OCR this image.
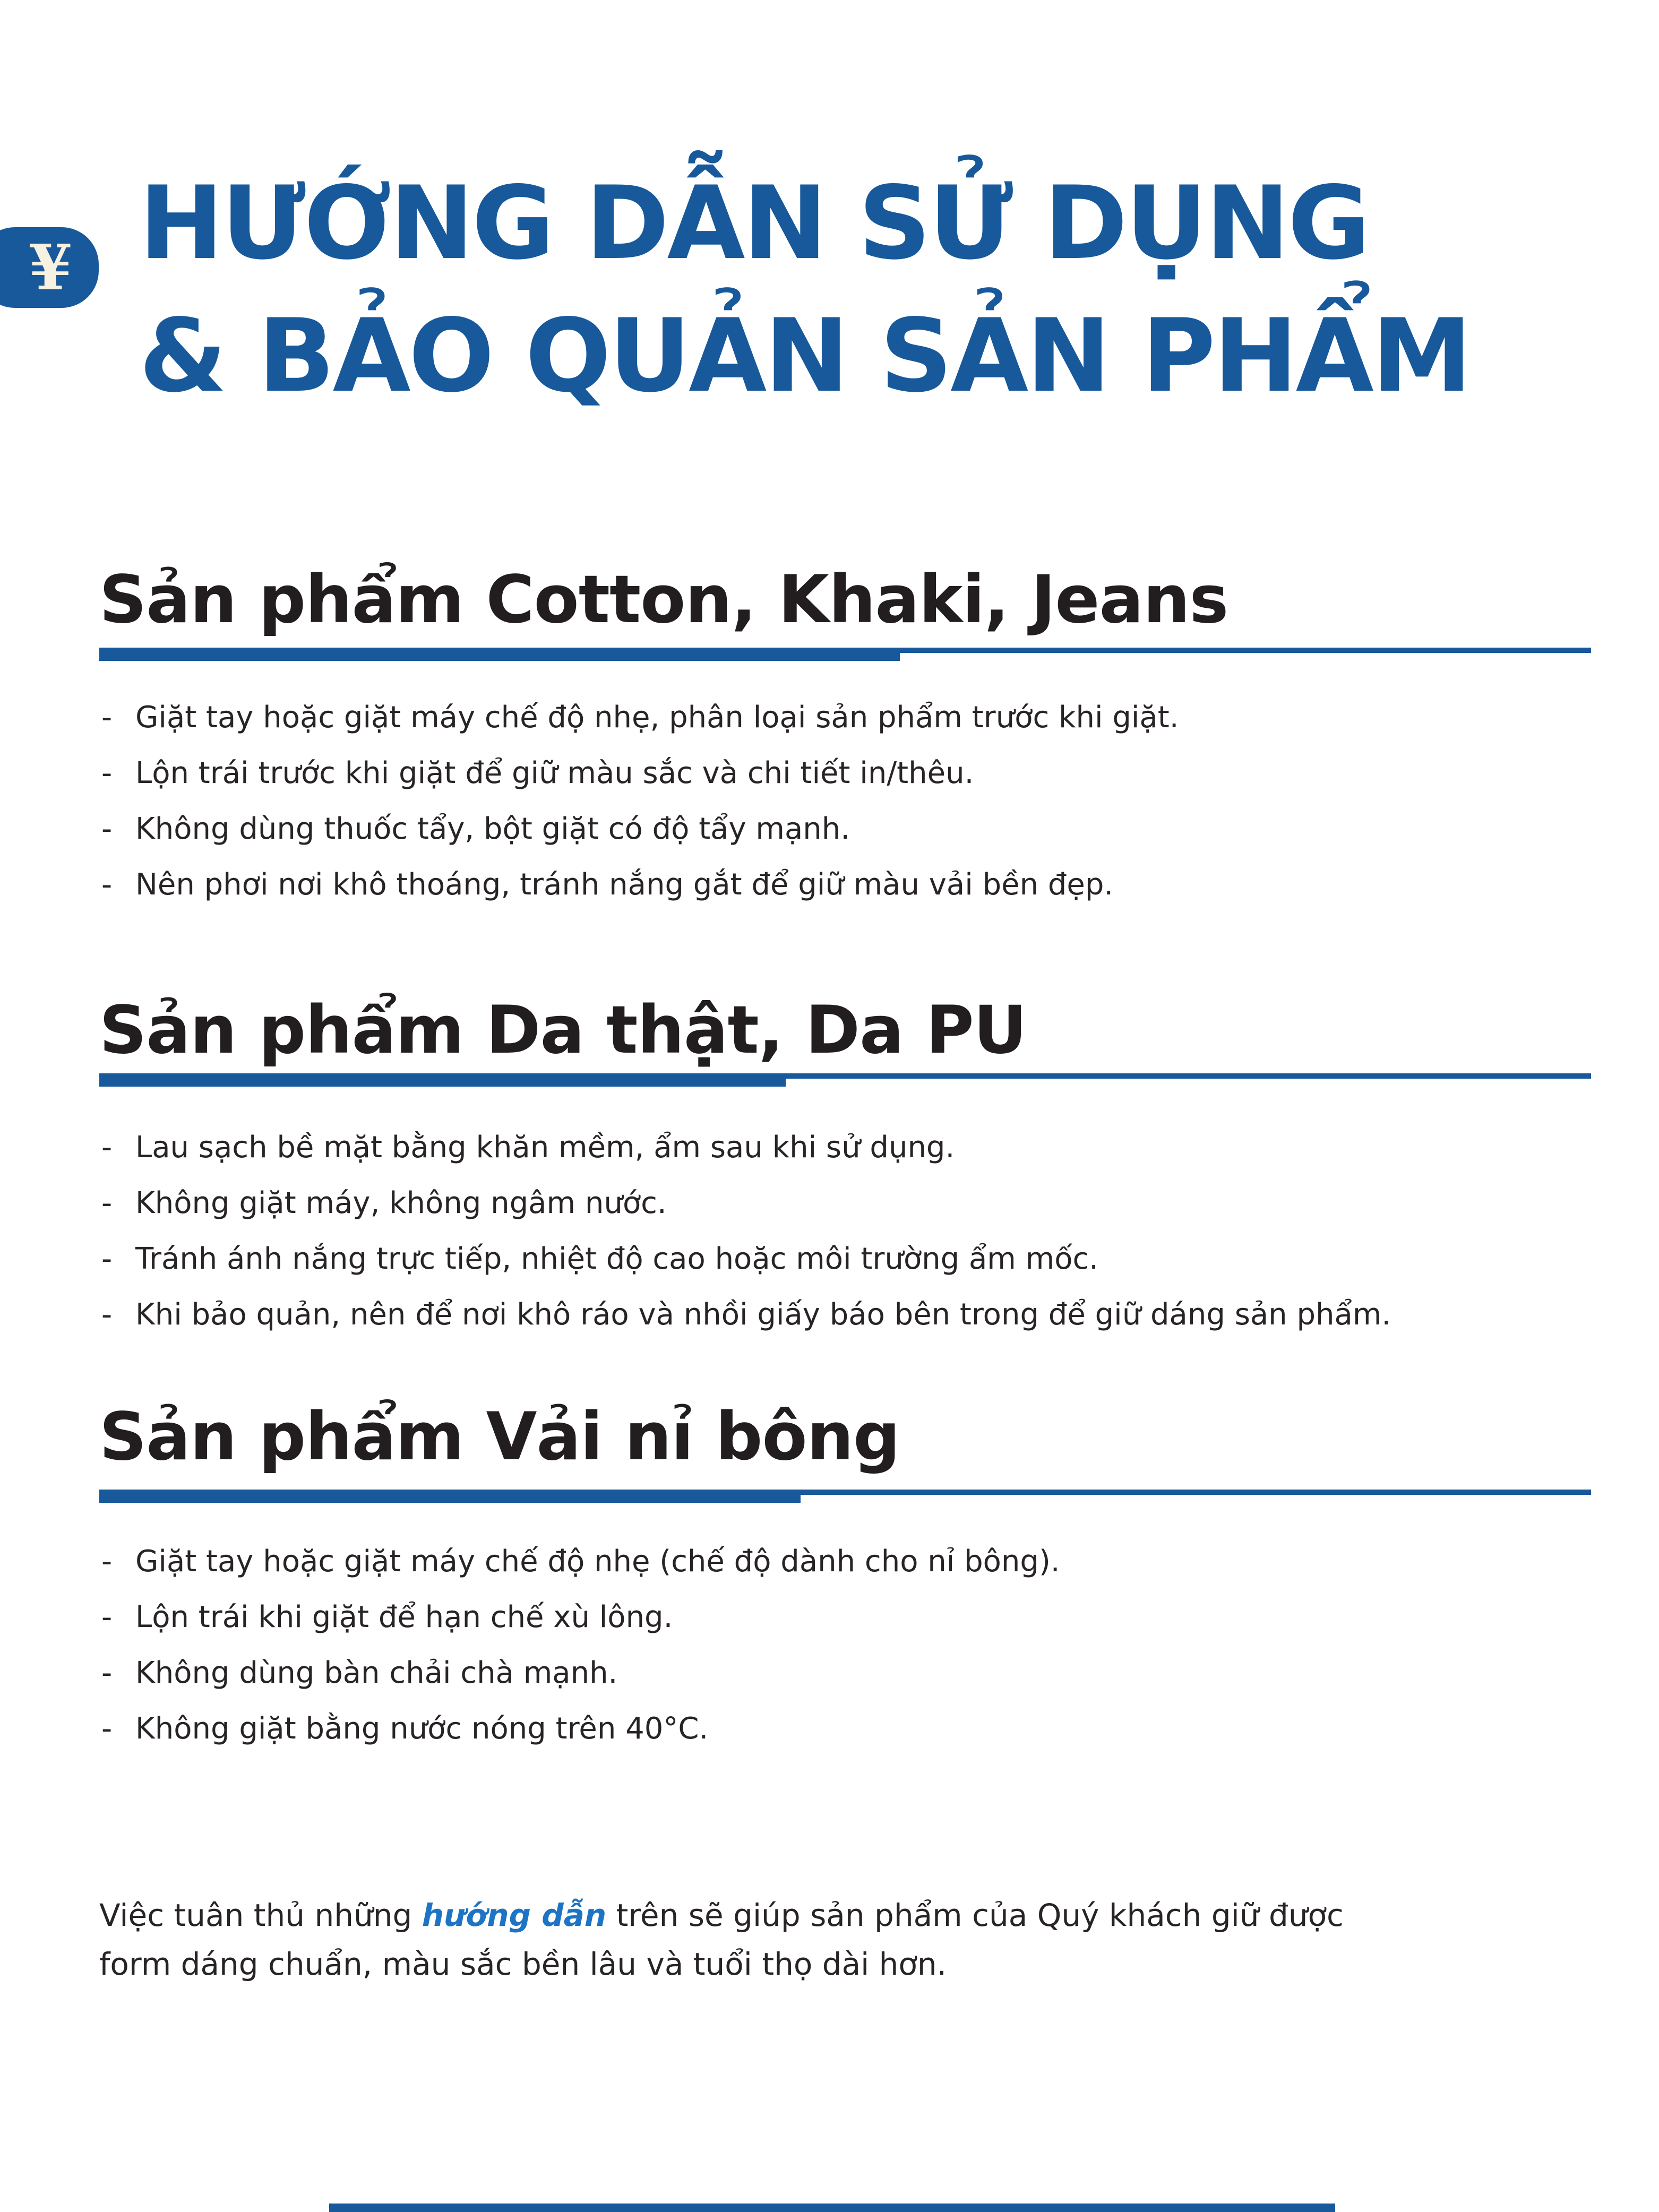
¥ HƯỚNG DẪN SỬ DỤNG
& BẢO QUẢN SẢN PHẨM
Sản phẩm Cotton, Khaki, Jeans
- Giặt tay hoặc giặt máy chế độ nhẹ, phân loại sản phẩm trước khi giặt.
- Lộn trái trước khi giặt để giữ màu sắc và chi tiết in/thêu.
- Không dùng thuốc tẩy, bột giặt có độ tẩy mạnh.
- Nên phơi nơi khô thoáng, tránh nắng gắt để giữ màu vải bền đẹp.
Sản phẩm Da thật, Da PU
- Lau sạch bề mặt bằng khăn mềm, ẩm sau khi sử dụng.
- Không giặt máy, không ngâm nước.
- Tránh ánh nắng trực tiếp, nhiệt độ cao hoặc môi trường ẩm mốc.
- Khi bảo quản, nên để nơi khô ráo và nhồi giấy báo bên trong để giữ dáng sản phẩm.
Sản phẩm Vải nỉ bông
- Giặt tay hoặc giặt máy chế độ nhẹ (chế độ dành cho nỉ bông).
- Lộn trái khi giặt để hạn chế xù lông.
- Không dùng bàn chải chà mạnh.
- Không giặt bằng nước nóng trên 40°C.

Việc tuân thủ những hướng dẫn trên sẽ giúp sản phẩm của Quý khách giữ được form dáng chuẩn, màu sắc bền lâu và tuổi thọ dài hơn.
